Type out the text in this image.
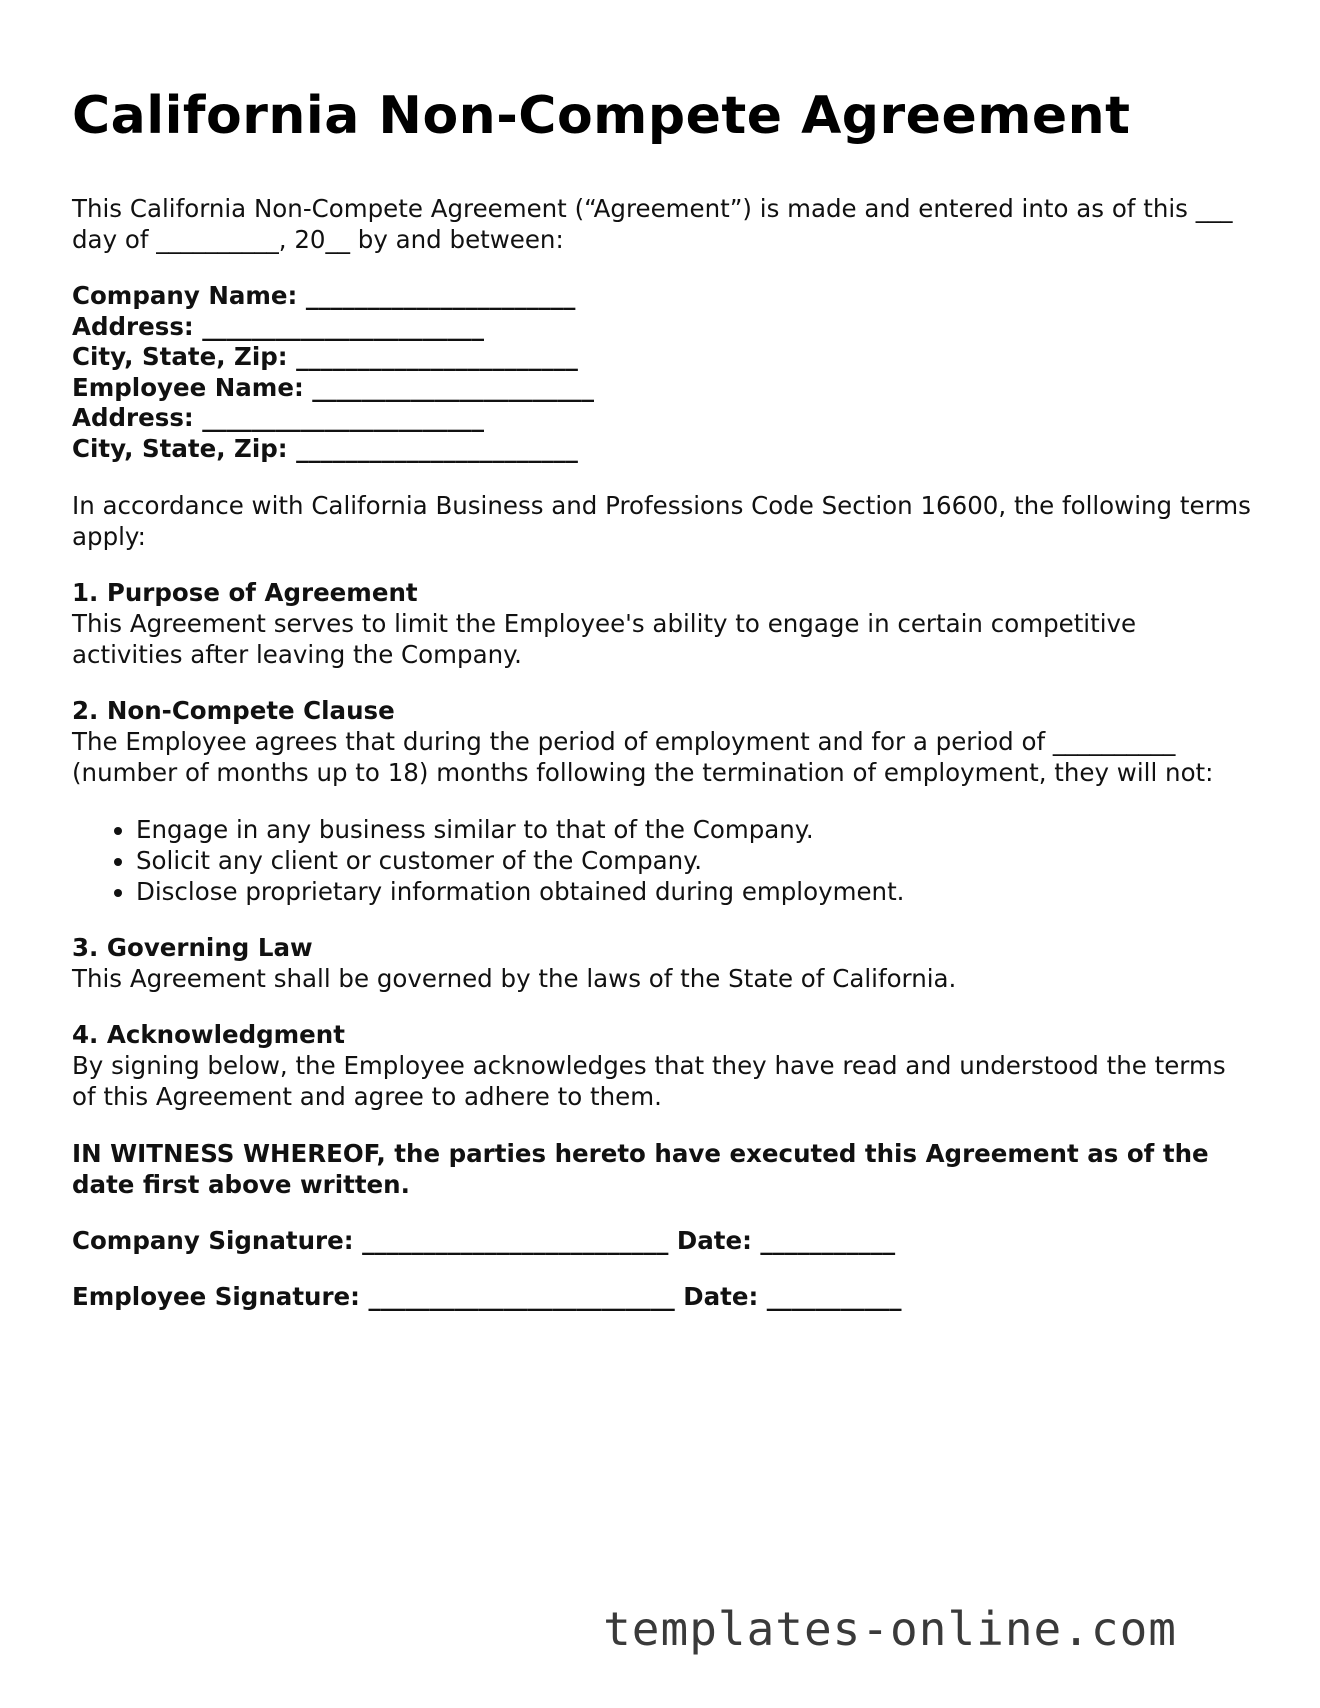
California Non-Compete Agreement

This California Non-Compete Agreement (“Agreement”) is made and entered into as of this ___ day of __________, 20__ by and between:

Company Name: ______________________
Address: _______________________
City, State, Zip: _______________________
Employee Name: _______________________
Address: _______________________
City, State, Zip: _______________________

In accordance with California Business and Professions Code Section 16600, the following terms apply:

1. Purpose of Agreement

This Agreement serves to limit the Employee's ability to engage in certain competitive activities after leaving the Company.

2. Non-Compete Clause

The Employee agrees that during the period of employment and for a period of __________ (number of months up to 18) months following the termination of employment, they will not:

• Engage in any business similar to that of the Company.
• Solicit any client or customer of the Company.
• Disclose proprietary information obtained during employment.
3. Governing Law

This Agreement shall be governed by the laws of the State of California.

4. Acknowledgment

By signing below, the Employee acknowledges that they have read and understood the terms of this Agreement and agree to adhere to them.

IN WITNESS WHEREOF, the parties hereto have executed this Agreement as of the date first above written.

Company Signature: _________________________ Date: ___________
Employee Signature: _________________________ Date: ___________
templates-online.com
